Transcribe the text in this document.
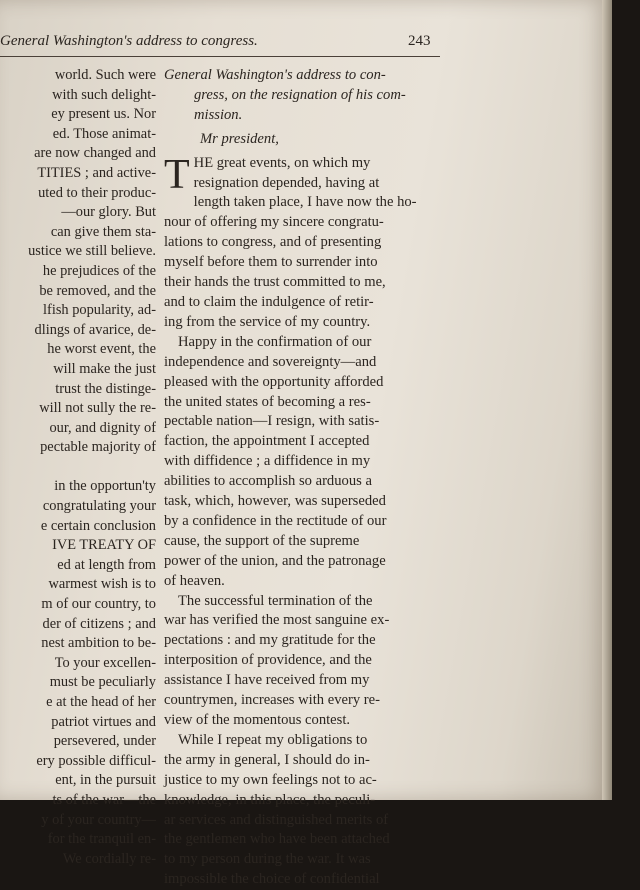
General Washington's address to congress.	243
world. Such were
with such delight-
ey present us. Nor
ed. Those animat-
are now changed and
TITIES ; and active-
uted to their produc-
—our glory. But
can give them sta-
ustice we still believe.
he prejudices of the
be removed, and the
lfish popularity, ad-
dlings of avarice, de-
he worst event, the
will make the just
trust the distinge-
will not sully the re-
our, and dignity of
pectable majority of
in the opportun'ty
congratulating your
e certain conclusion
IVE TREATY OF
ed at length from
warmest wish is to
m of our country, to
der of citizens ; and
nest ambition to be-
To your excellen-
must be peculiarly
e at the head of her
patriot virtues and
persevered, under
ery possible difficul-
ent, in the pursuit
ts of the war—the
y of your country—
for the tranquil en-
We cordially re-
General Washington's address to con-
gress, on the resignation of his com-
mission.
Mr president,
T HE great events, on which my
resignation depended, having at
length taken place, I have now the ho-
nour of offering my sincere congratu-
lations to congress, and of presenting
myself before them to surrender into
their hands the trust committed to me,
and to claim the indulgence of retir-
ing from the service of my country.
Happy in the confirmation of our
independence and sovereignty—and
pleased with the opportunity afforded
the united states of becoming a res-
pectable nation—I resign, with satis-
faction, the appointment I accepted
with diffidence ; a diffidence in my
abilities to accomplish so arduous a
task, which, however, was superseded
by a confidence in the rectitude of our
cause, the support of the supreme
power of the union, and the patronage
of heaven.
The successful termination of the
war has verified the most sanguine ex-
pectations : and my gratitude for the
interposition of providence, and the
assistance I have received from my
countrymen, increases with every re-
view of the momentous contest.
While I repeat my obligations to
the army in general, I should do in-
justice to my own feelings not to ac-
knowledge, in this place, the peculi-
ar services and distinguished merits of
the gentlemen who have been attached
to my person during the war. It was
impossible the choice of confidential
